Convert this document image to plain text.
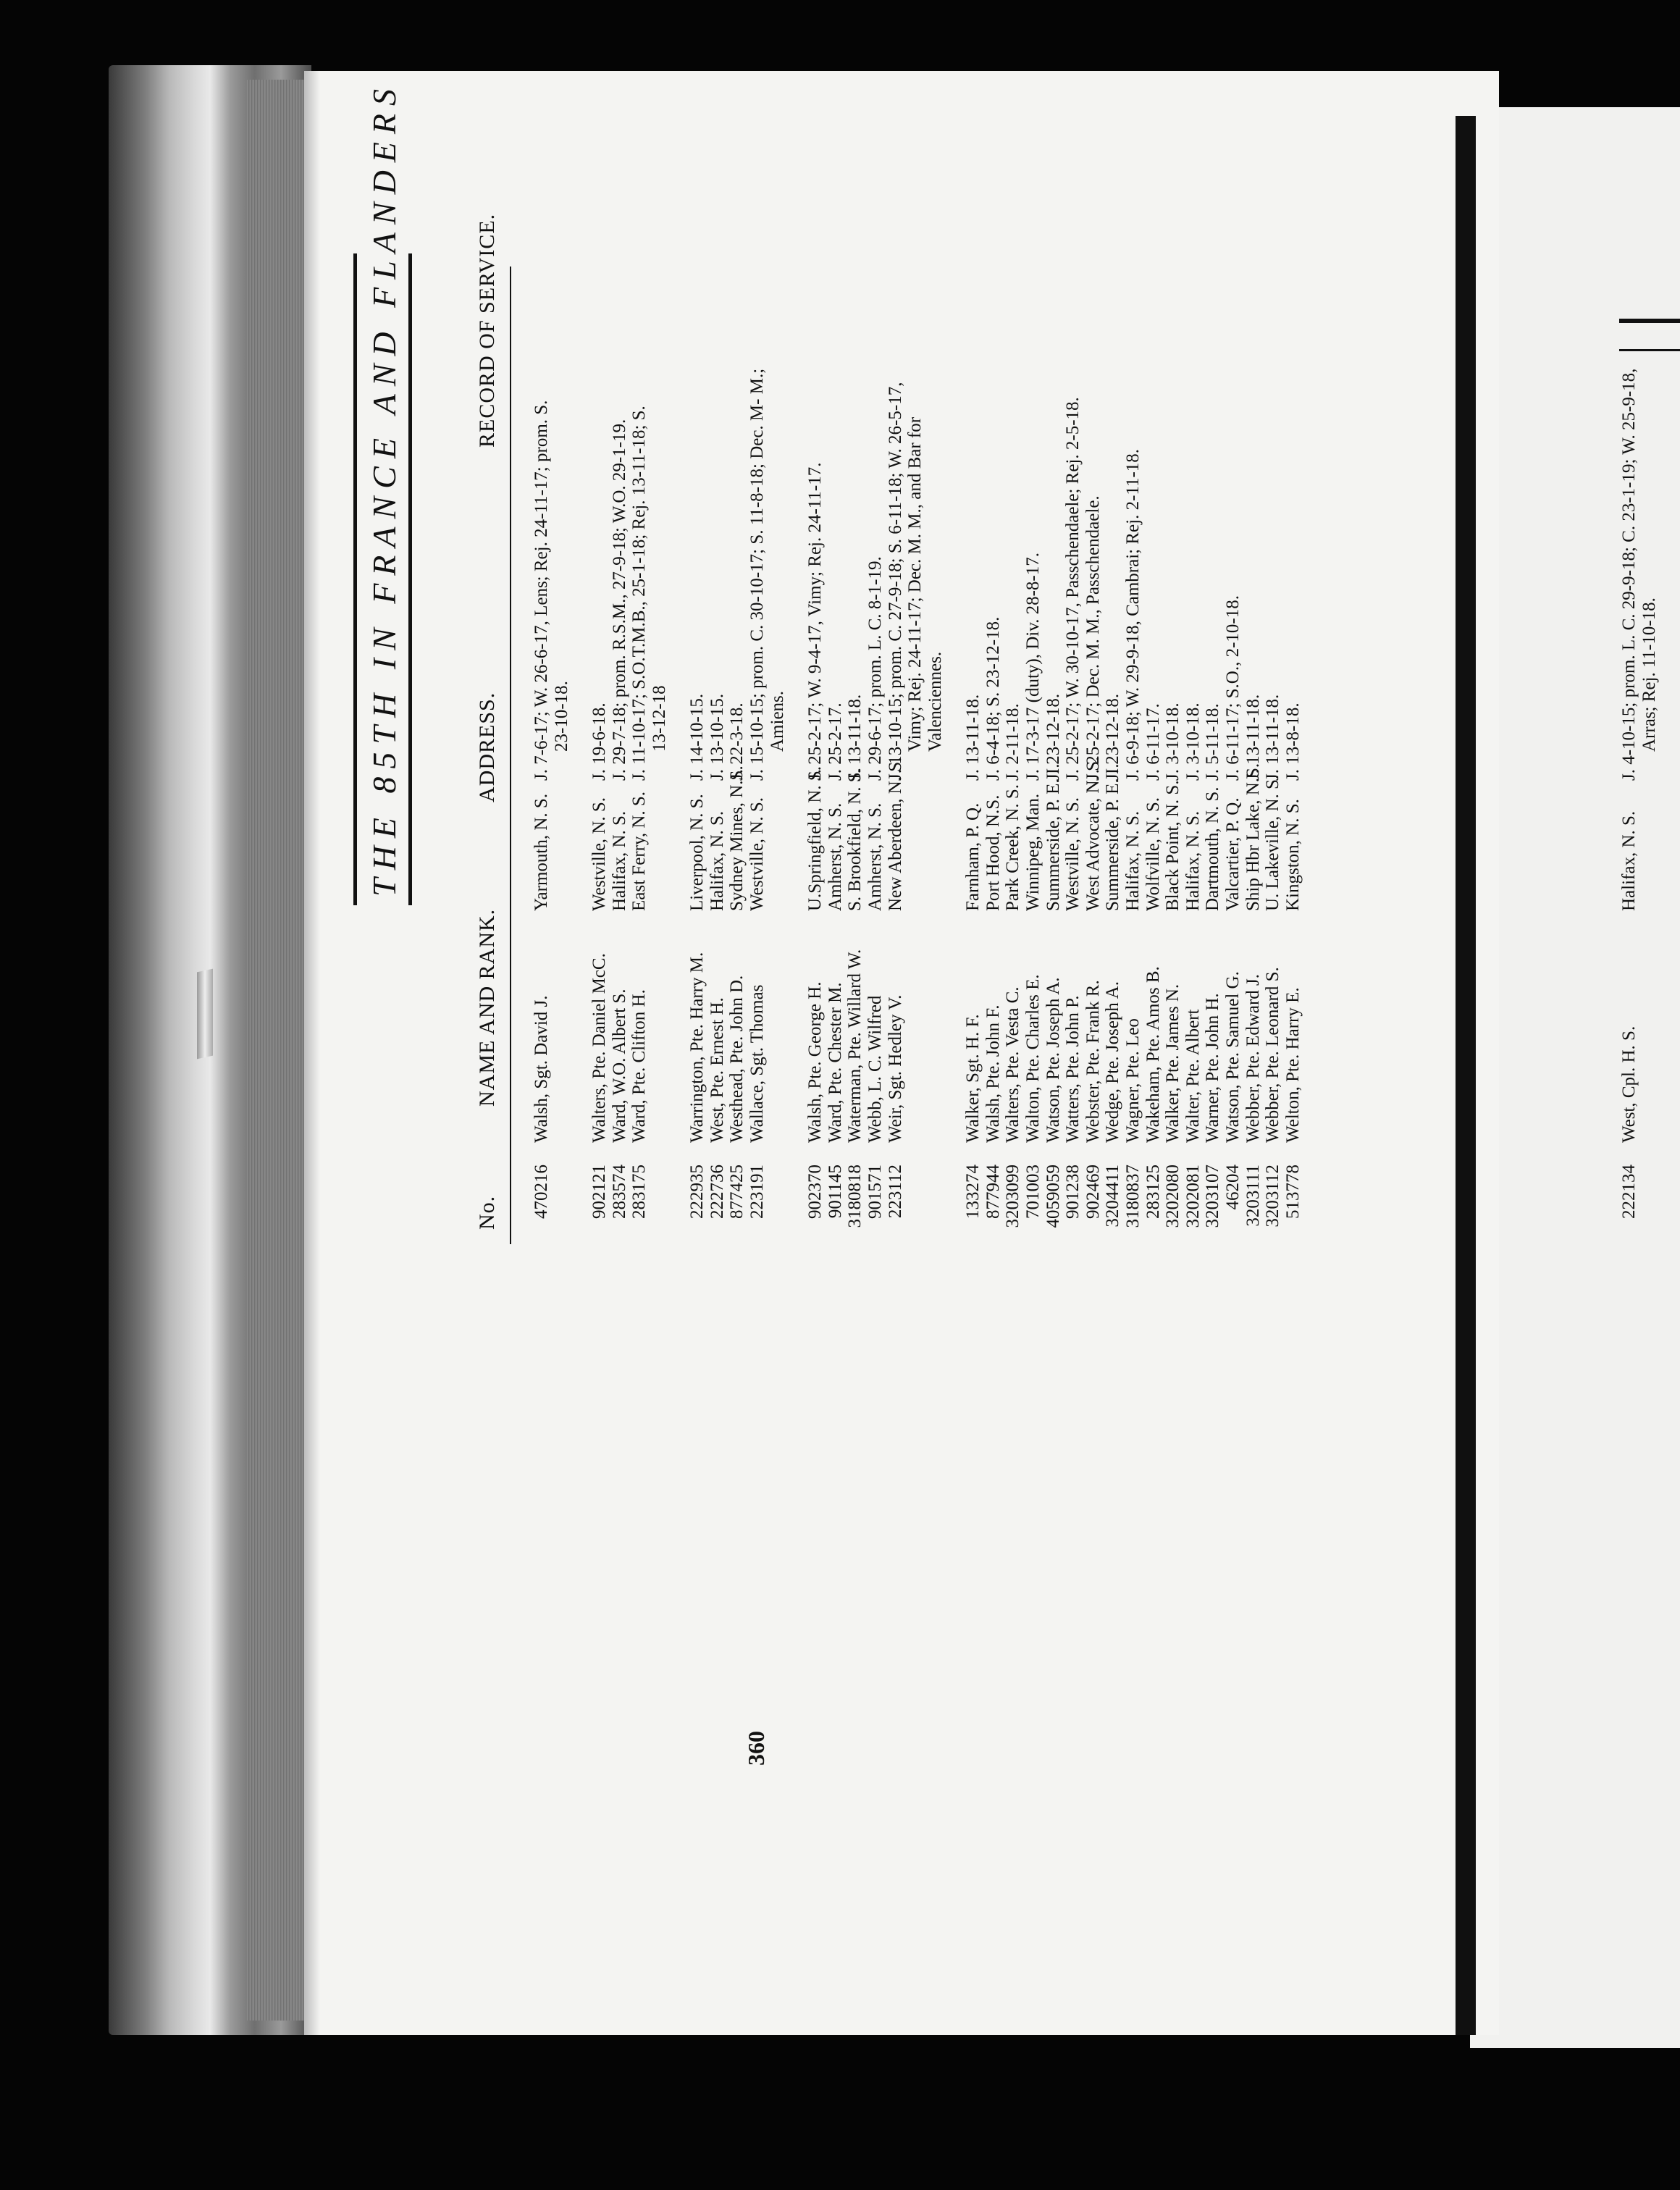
THE 85TH IN FRANCE AND FLANDERS
360
No.
NAME AND RANK.
ADDRESS.
RECORD OF SERVICE.
470216
Walsh, Sgt. David J.
Yarmouth, N. S.
J. 7-6-17; W. 26-6-17, Lens; Rej. 24-11-17; prom. S. 23-10-18.
902121
Walters, Pte. Daniel McC.
Westville, N. S.
J. 19-6-18.
283574
Ward, W.O. Albert S.
Halifax, N. S.
J. 29-7-18; prom. R.S.M., 27-9-18; W.O. 29-1-19.
283175
Ward, Pte. Clifton H.
East Ferry, N. S.
J. 11-10-17; S.O.T.M.B., 25-1-18; Rej. 13-11-18; S. 13-12-18
222935
Warrington, Pte. Harry M.
Liverpool, N. S.
J. 14-10-15.
222736
West, Pte. Ernest H.
Halifax, N. S.
J. 13-10-15.
877425
Westhead, Pte. John D.
Sydney Mines, N.S.
J. 22-3-18.
223191
Wallace, Sgt. Thomas
Westville, N. S.
J. 15-10-15; prom. C. 30-10-17; S. 11-8-18; Dec. M- M.; Amiens.
902370
Walsh, Pte. George H.
U.Springfield, N. S.
J. 25-2-17; W. 9-4-17, Vimy; Rej. 24-11-17.
901145
Ward, Pte. Chester M.
Amherst, N. S.
J. 25-2-17.
3180818
Waterman, Pte. Willard W.
S. Brookfield, N. S.
J. 13-11-18.
901571
Webb, L. C. Wilfred
Amherst, N. S.
J. 29-6-17; prom. L. C. 8-1-19.
223112
Weir, Sgt. Hedley V.
New Aberdeen, N. S.
J. 13-10-15; prom. C. 27-9-18; S. 6-11-18; W. 26-5-17, Vimy; Rej. 24-11-17; Dec. M. M., and Bar for Valenciennes.
133274
Walker, Sgt. H. F.
Farnham, P. Q.
J. 13-11-18.
877944
Walsh, Pte. John F.
Port Hood, N.S.
J. 6-4-18; S. 23-12-18.
3203099
Walters, Pte. Vesta C.
Park Creek, N. S.
J. 2-11-18.
701003
Walton, Pte. Charles E.
Winnipeg, Man.
J. 17-3-17 (duty), Div. 28-8-17.
4059059
Watson, Pte. Joseph A.
Summerside, P. E. I.
J. 23-12-18.
901238
Watters, Pte. John P.
Westville, N. S.
J. 25-2-17; W. 30-10-17, Passchendaele; Rej. 2-5-18.
902469
Webster, Pte. Frank R.
West Advocate, N. S.
J. 25-2-17; Dec. M. M., Passchendaele.
3204411
Wedge, Pte. Joseph A.
Summerside, P. E. I.
J. 23-12-18.
3180837
Wagner, Pte. Leo
Halifax, N. S.
J. 6-9-18; W. 29-9-18, Cambrai; Rej. 2-11-18.
283125
Wakeham, Pte. Amos B.
Wolfville, N. S.
J. 6-11-17.
3202080
Walker, Pte. James N.
Black Point, N. S.
J. 3-10-18.
3202081
Walter, Pte. Albert
Halifax, N. S.
J. 3-10-18.
3203107
Warner, Pte. John H.
Dartmouth, N. S.
J. 5-11-18.
46204
Watson, Pte. Samuel G.
Valcartier, P. Q.
J. 6-11-17; S.O., 2-10-18.
3203111
Webber, Pte. Edward J.
Ship Hbr Lake, N.S.
J. 13-11-18.
3203112
Webber, Pte. Leonard S.
U. Lakeville, N. S.
J. 13-11-18.
513778
Welton, Pte. Harry E.
Kingston, N. S.
J. 13-8-18.
222134
West, Cpl. H. S.
Halifax, N. S.
J. 4-10-15; prom. L. C. 29-9-18; C. 23-1-19; W. 25-9-18, Arras; Rej. 11-10-18.
